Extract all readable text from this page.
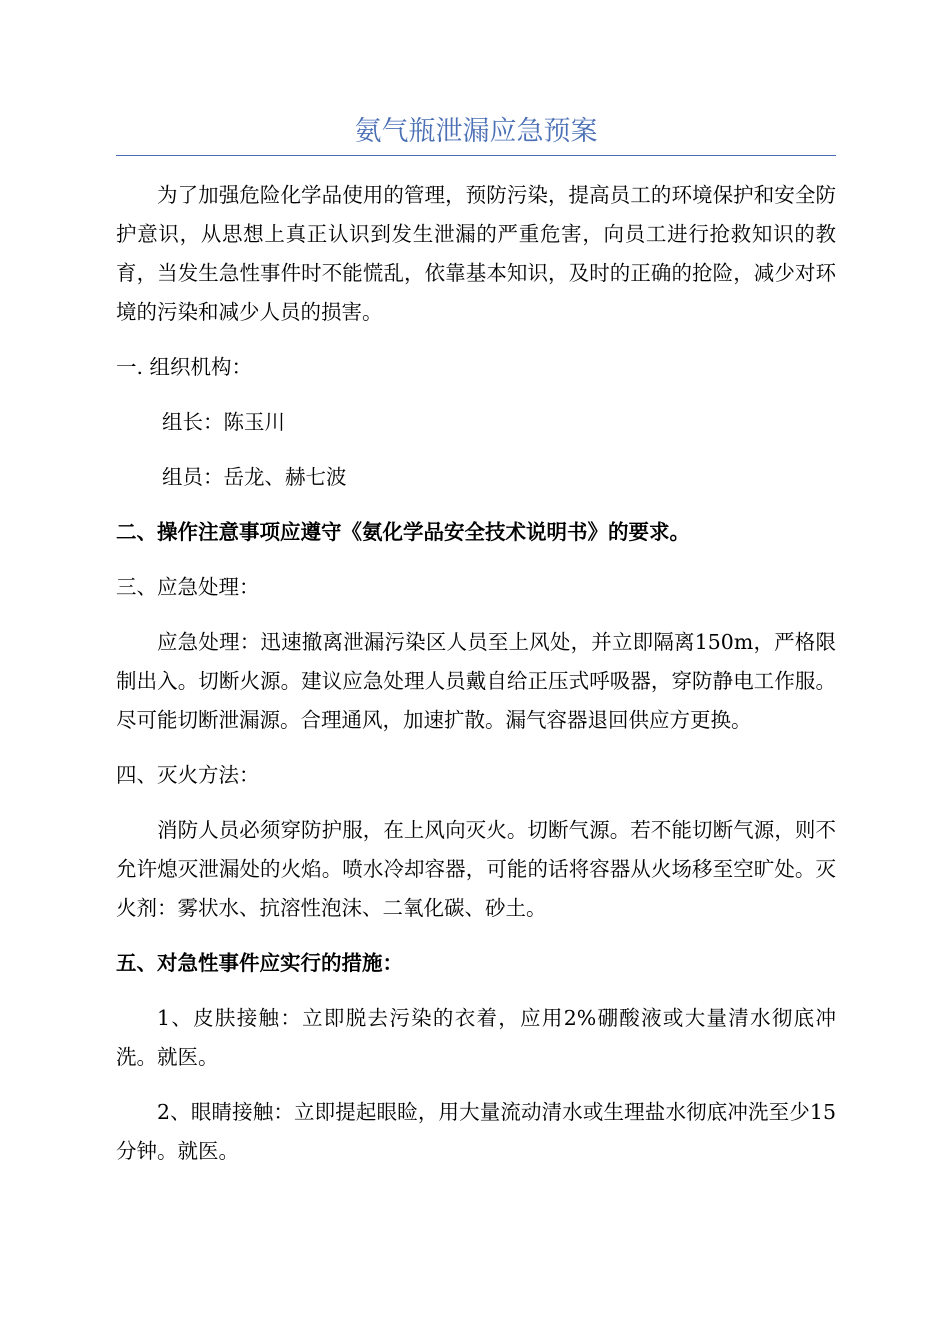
氨气瓶泄漏应急预案

为了加强危险化学品使用的管理，预防污染，提高员工的环境保护和安全防护意识，从思想上真正认识到发生泄漏的严重危害，向员工进行抢救知识的教育，当发生急性事件时不能慌乱，依靠基本知识，及时的正确的抢险，减少对环境的污染和减少人员的损害。

一. 组织机构：

组长：陈玉川

组员：岳龙、赫七波

二、操作注意事项应遵守《氨化学品安全技术说明书》的要求。

三、应急处理：

应急处理：迅速撤离泄漏污染区人员至上风处，并立即隔离150m，严格限制出入。切断火源。建议应急处理人员戴自给正压式呼吸器，穿防静电工作服。尽可能切断泄漏源。合理通风，加速扩散。漏气容器退回供应方更换。

四、灭火方法：

消防人员必须穿防护服，在上风向灭火。切断气源。若不能切断气源，则不允许熄灭泄漏处的火焰。喷水冷却容器，可能的话将容器从火场移至空旷处。灭火剂：雾状水、抗溶性泡沫、二氧化碳、砂土。

五、对急性事件应实行的措施：

1、皮肤接触：立即脱去污染的衣着，应用2%硼酸液或大量清水彻底冲洗。就医。

2、眼睛接触：立即提起眼睑，用大量流动清水或生理盐水彻底冲洗至少15分钟。就医。
